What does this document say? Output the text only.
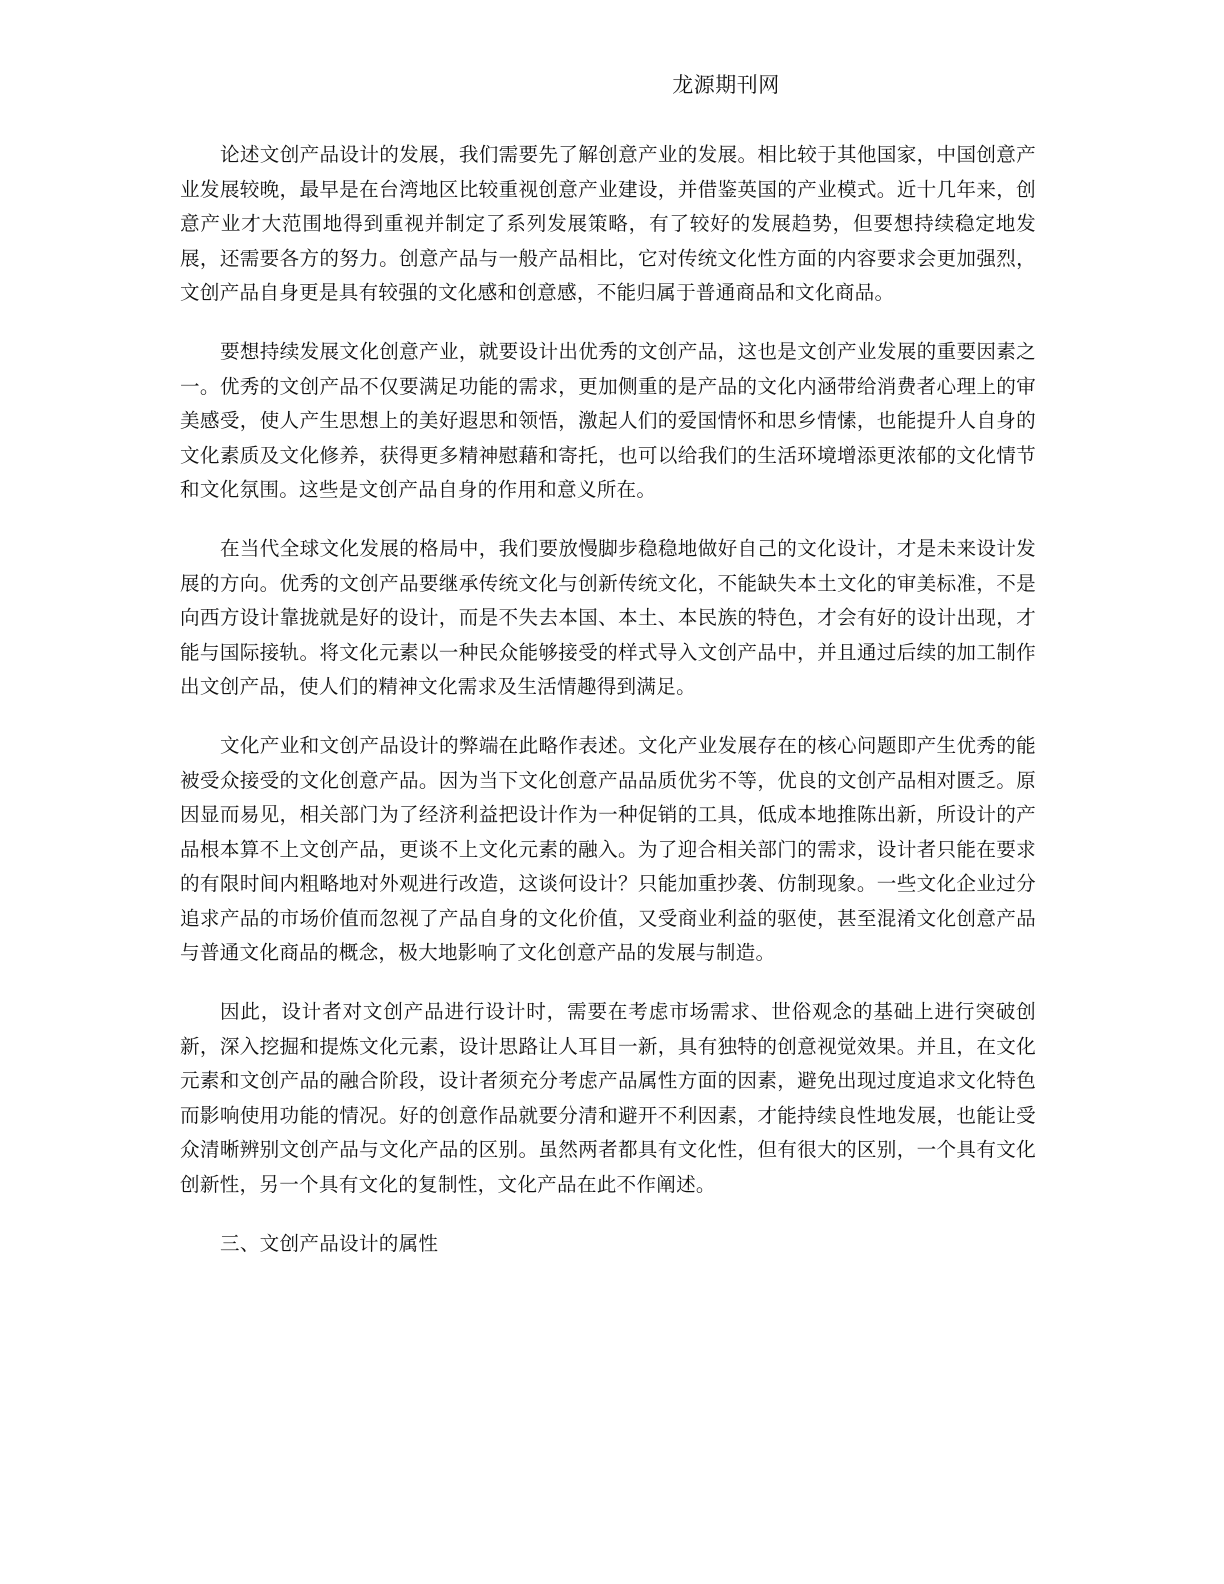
龙源期刊网

论述文创产品设计的发展，我们需要先了解创意产业的发展。相比较于其他国家，中国创意产业发展较晚，最早是在台湾地区比较重视创意产业建设，并借鉴英国的产业模式。近十几年来，创意产业才大范围地得到重视并制定了系列发展策略，有了较好的发展趋势，但要想持续稳定地发展，还需要各方的努力。创意产品与一般产品相比，它对传统文化性方面的内容要求会更加强烈，文创产品自身更是具有较强的文化感和创意感，不能归属于普通商品和文化商品。

要想持续发展文化创意产业，就要设计出优秀的文创产品，这也是文创产业发展的重要因素之一。优秀的文创产品不仅要满足功能的需求，更加侧重的是产品的文化内涵带给消费者心理上的审美感受，使人产生思想上的美好遐思和领悟，激起人们的爱国情怀和思乡情愫，也能提升人自身的文化素质及文化修养，获得更多精神慰藉和寄托，也可以给我们的生活环境增添更浓郁的文化情节和文化氛围。这些是文创产品自身的作用和意义所在。

在当代全球文化发展的格局中，我们要放慢脚步稳稳地做好自己的文化设计，才是未来设计发展的方向。优秀的文创产品要继承传统文化与创新传统文化，不能缺失本土文化的审美标准，不是向西方设计靠拢就是好的设计，而是不失去本国、本土、本民族的特色，才会有好的设计出现，才能与国际接轨。将文化元素以一种民众能够接受的样式导入文创产品中，并且通过后续的加工制作出文创产品，使人们的精神文化需求及生活情趣得到满足。

文化产业和文创产品设计的弊端在此略作表述。文化产业发展存在的核心问题即产生优秀的能被受众接受的文化创意产品。因为当下文化创意产品品质优劣不等，优良的文创产品相对匮乏。原因显而易见，相关部门为了经济利益把设计作为一种促销的工具，低成本地推陈出新，所设计的产品根本算不上文创产品，更谈不上文化元素的融入。为了迎合相关部门的需求，设计者只能在要求的有限时间内粗略地对外观进行改造，这谈何设计？只能加重抄袭、仿制现象。一些文化企业过分追求产品的市场价值而忽视了产品自身的文化价值，又受商业利益的驱使，甚至混淆文化创意产品与普通文化商品的概念，极大地影响了文化创意产品的发展与制造。

因此，设计者对文创产品进行设计时，需要在考虑市场需求、世俗观念的基础上进行突破创新，深入挖掘和提炼文化元素，设计思路让人耳目一新，具有独特的创意视觉效果。并且，在文化元素和文创产品的融合阶段，设计者须充分考虑产品属性方面的因素，避免出现过度追求文化特色而影响使用功能的情况。好的创意作品就要分清和避开不利因素，才能持续良性地发展，也能让受众清晰辨别文创产品与文化产品的区别。虽然两者都具有文化性，但有很大的区别，一个具有文化创新性，另一个具有文化的复制性，文化产品在此不作阐述。

三、文创产品设计的属性
